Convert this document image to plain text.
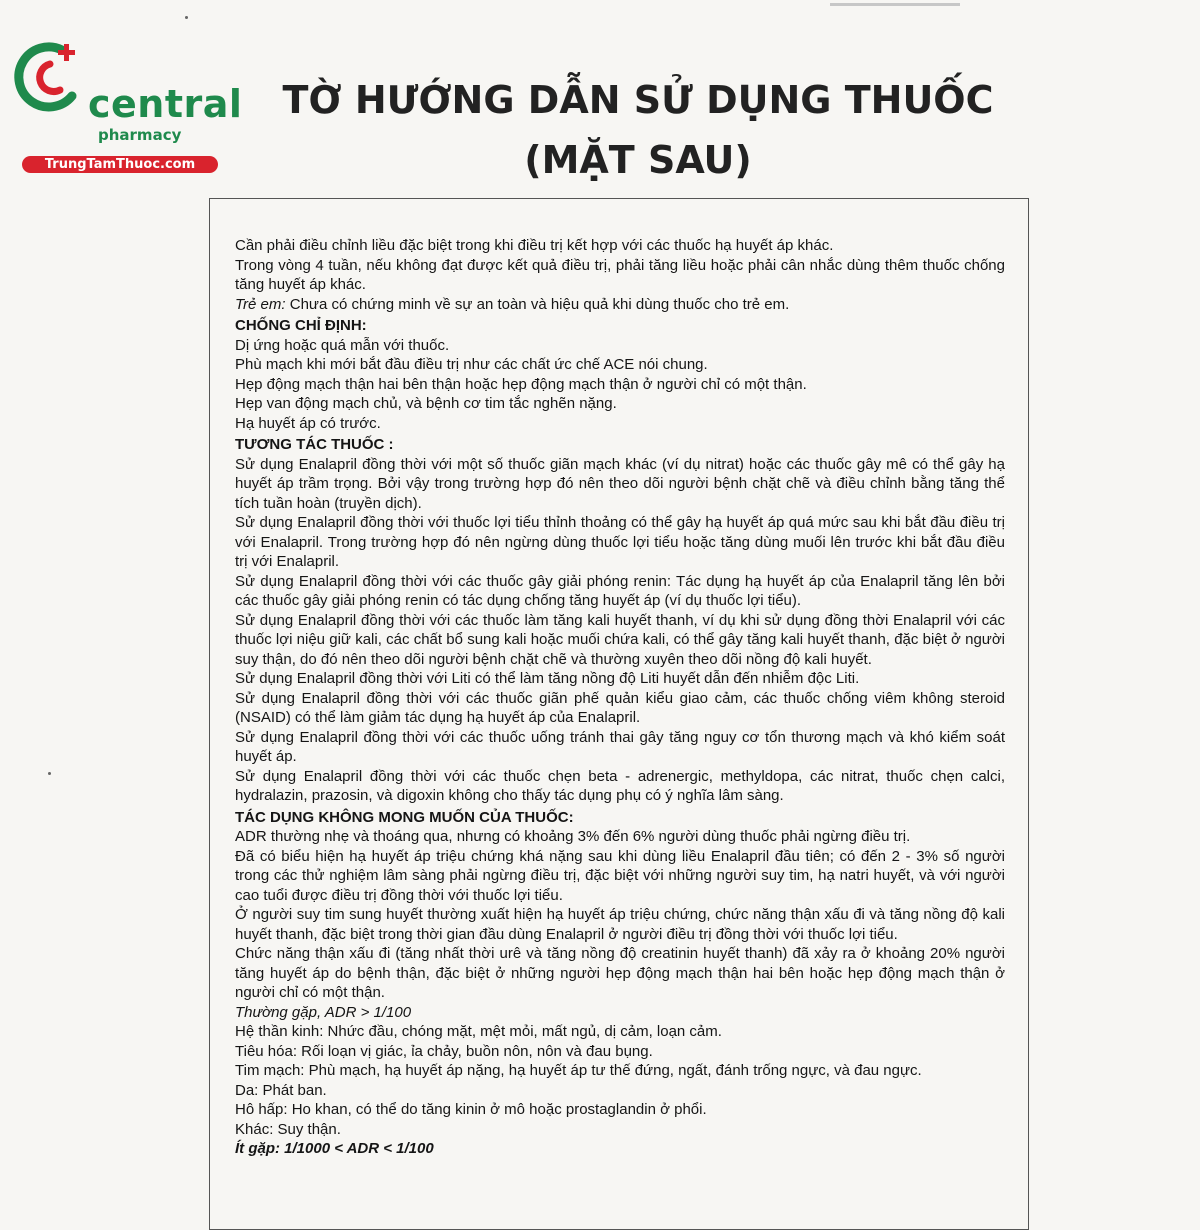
central
pharmacy
TrungTamThuoc.com
TỜ HƯỚNG DẪN SỬ DỤNG THUỐC
(MẶT SAU)

Cần phải điều chỉnh liều đặc biệt trong khi điều trị kết hợp với các thuốc hạ huyết áp khác.

Trong vòng 4 tuần, nếu không đạt được kết quả điều trị, phải tăng liều hoặc phải cân nhắc dùng thêm thuốc chống tăng huyết áp khác.

Trẻ em: Chưa có chứng minh về sự an toàn và hiệu quả khi dùng thuốc cho trẻ em.

CHỐNG CHỈ ĐỊNH:

Dị ứng hoặc quá mẫn với thuốc.

Phù mạch khi mới bắt đầu điều trị như các chất ức chế ACE nói chung.

Hẹp động mạch thận hai bên thận hoặc hẹp động mạch thận ở người chỉ có một thận.

Hẹp van động mạch chủ, và bệnh cơ tim tắc nghẽn nặng.

Hạ huyết áp có trước.

TƯƠNG TÁC THUỐC :

Sử dụng Enalapril đồng thời với một số thuốc giãn mạch khác (ví dụ nitrat) hoặc các thuốc gây mê có thể gây hạ huyết áp trầm trọng. Bởi vậy trong trường hợp đó nên theo dõi người bệnh chặt chẽ và điều chỉnh bằng tăng thể tích tuần hoàn (truyền dịch).

Sử dụng Enalapril đồng thời với thuốc lợi tiểu thỉnh thoảng có thể gây hạ huyết áp quá mức sau khi bắt đầu điều trị với Enalapril. Trong trường hợp đó nên ngừng dùng thuốc lợi tiểu hoặc tăng dùng muối lên trước khi bắt đầu điều trị với Enalapril.

Sử dụng Enalapril đồng thời với các thuốc gây giải phóng renin: Tác dụng hạ huyết áp của Enalapril tăng lên bởi các thuốc gây giải phóng renin có tác dụng chống tăng huyết áp (ví dụ thuốc lợi tiểu).

Sử dụng Enalapril đồng thời với các thuốc làm tăng kali huyết thanh, ví dụ khi sử dụng đồng thời Enalapril với các thuốc lợi niệu giữ kali, các chất bổ sung kali hoặc muối chứa kali, có thể gây tăng kali huyết thanh, đặc biệt ở người suy thận, do đó nên theo dõi người bệnh chặt chẽ và thường xuyên theo dõi nồng độ kali huyết.

Sử dụng Enalapril đồng thời với Liti có thể làm tăng nồng độ Liti huyết dẫn đến nhiễm độc Liti.

Sử dụng Enalapril đồng thời với các thuốc giãn phế quản kiểu giao cảm, các thuốc chống viêm không steroid (NSAID) có thể làm giảm tác dụng hạ huyết áp của Enalapril.

Sử dụng Enalapril đồng thời với các thuốc uống tránh thai gây tăng nguy cơ tổn thương mạch và khó kiểm soát huyết áp.

Sử dụng Enalapril đồng thời với các thuốc chẹn beta - adrenergic, methyldopa, các nitrat, thuốc chẹn calci, hydralazin, prazosin, và digoxin không cho thấy tác dụng phụ có ý nghĩa lâm sàng.

TÁC DỤNG KHÔNG MONG MUỐN CỦA THUỐC:

ADR thường nhẹ và thoáng qua, nhưng có khoảng 3% đến 6% người dùng thuốc phải ngừng điều trị.

Đã có biểu hiện hạ huyết áp triệu chứng khá nặng sau khi dùng liều Enalapril đầu tiên; có đến 2 - 3% số người trong các thử nghiệm lâm sàng phải ngừng điều trị, đặc biệt với những người suy tim, hạ natri huyết, và với người cao tuổi được điều trị đồng thời với thuốc lợi tiểu.

Ở người suy tim sung huyết thường xuất hiện hạ huyết áp triệu chứng, chức năng thận xấu đi và tăng nồng độ kali huyết thanh, đặc biệt trong thời gian đầu dùng Enalapril ở người điều trị đồng thời với thuốc lợi tiểu.

Chức năng thận xấu đi (tăng nhất thời urê và tăng nồng độ creatinin huyết thanh) đã xảy ra ở khoảng 20% người tăng huyết áp do bệnh thận, đặc biệt ở những người hẹp động mạch thận hai bên hoặc hẹp động mạch thận ở người chỉ có một thận.

Thường gặp, ADR > 1/100

Hệ thần kinh: Nhức đầu, chóng mặt, mệt mỏi, mất ngủ, dị cảm, loạn cảm.

Tiêu hóa: Rối loạn vị giác, ỉa chảy, buồn nôn, nôn và đau bụng.

Tim mạch: Phù mạch, hạ huyết áp nặng, hạ huyết áp tư thế đứng, ngất, đánh trống ngực, và đau ngực.

Da: Phát ban.

Hô hấp: Ho khan, có thể do tăng kinin ở mô hoặc prostaglandin ở phổi.

Khác: Suy thận.

Ít gặp: 1/1000 < ADR < 1/100
